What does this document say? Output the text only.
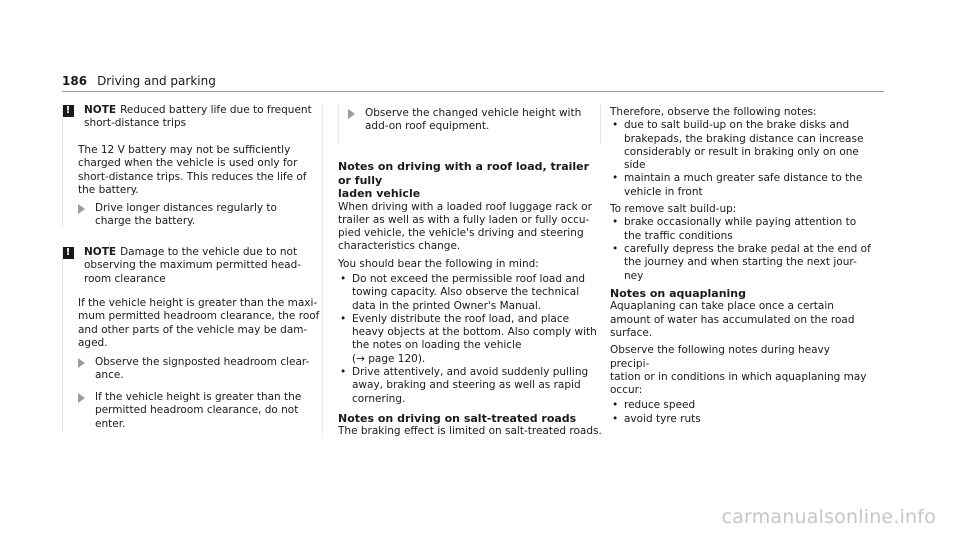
186 Driving and parking
!	NOTE Reduced battery life due to frequent
short-distance trips
The 12 V battery may not be sufficiently
charged when the vehicle is used only for
short-distance trips. This reduces the life of
the battery.
Drive longer distances regularly to
charge the battery.
!	NOTE Damage to the vehicle due to not
observing the maximum permitted head-
room clearance
If the vehicle height is greater than the maxi-
mum permitted headroom clearance, the roof
and other parts of the vehicle may be dam-
aged.
Observe the signposted headroom clear-
ance.
If the vehicle height is greater than the
permitted headroom clearance, do not
enter.
Observe the changed vehicle height with
add-on roof equipment.
Notes on driving with a roof load, trailer or fully
laden vehicle
When driving with a loaded roof luggage rack or
trailer as well as with a fully laden or fully occu-
pied vehicle, the vehicle's driving and steering
characteristics change.
You should bear the following in mind:
• Do not exceed the permissible roof load and
towing capacity. Also observe the technical
data in the printed Owner's Manual.
• Evenly distribute the roof load, and place
heavy objects at the bottom. Also comply with
the notes on loading the vehicle
(→ page 120).
• Drive attentively, and avoid suddenly pulling
away, braking and steering as well as rapid
cornering.
Notes on driving on salt-treated roads
The braking effect is limited on salt-treated roads.
Therefore, observe the following notes:
• due to salt build-up on the brake disks and
brakepads, the braking distance can increase
considerably or result in braking only on one
side
• maintain a much greater safe distance to the
vehicle in front
To remove salt build-up:
• brake occasionally while paying attention to
the traffic conditions
• carefully depress the brake pedal at the end of
the journey and when starting the next jour-
ney
Notes on aquaplaning
Aquaplaning can take place once a certain
amount of water has accumulated on the road
surface.
Observe the following notes during heavy precipi-
tation or in conditions in which aquaplaning may
occur:
• reduce speed
• avoid tyre ruts
carmanualsonline.info
